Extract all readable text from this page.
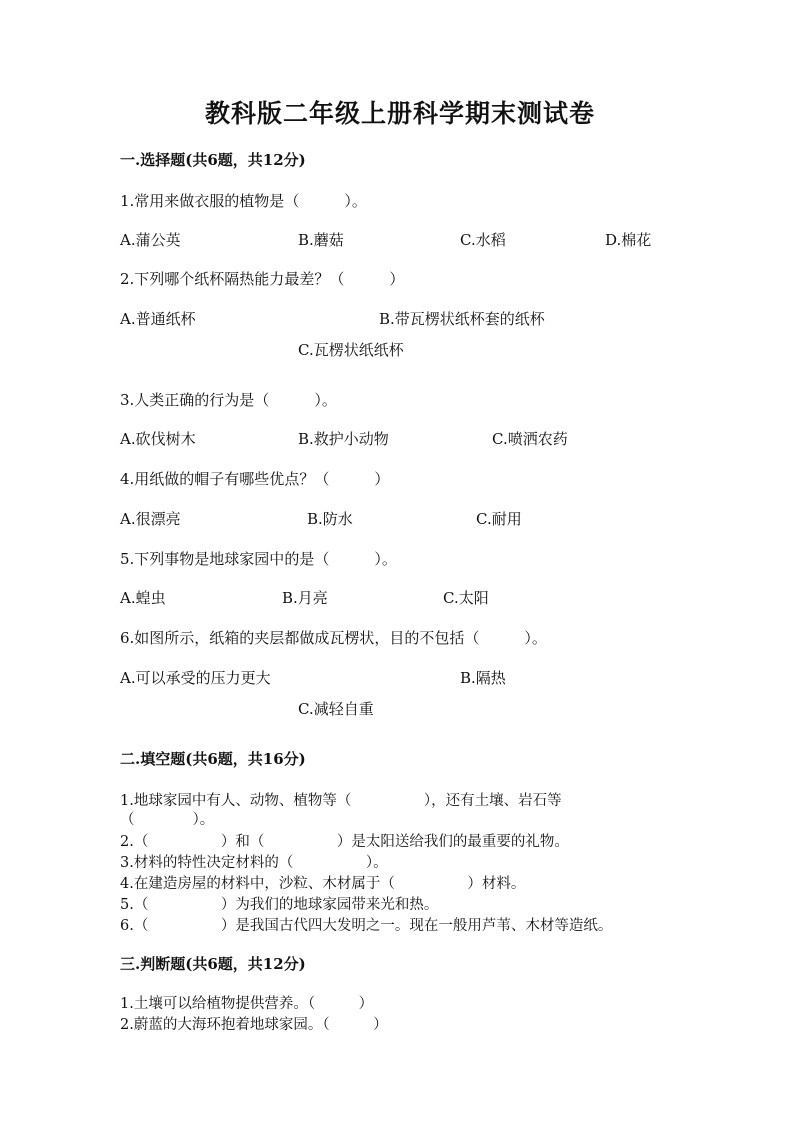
教科版二年级上册科学期末测试卷
一.选择题(共6题，共12分)
1.常用来做衣服的植物是（　　　）。
A.蒲公英	B.蘑菇	C.水稻	D.棉花
2.下列哪个纸杯隔热能力最差？（　　　）
A.普通纸杯	B.带瓦楞状纸杯套的纸杯
C.瓦楞状纸纸杯
3.人类正确的行为是（　　　）。
A.砍伐树木	B.救护小动物	C.喷洒农药
4.用纸做的帽子有哪些优点？（　　　）
A.很漂亮	B.防水	C.耐用
5.下列事物是地球家园中的是（　　　）。
A.蝗虫	B.月亮	C.太阳
6.如图所示，纸箱的夹层都做成瓦楞状，目的不包括（　　　）。
A.可以承受的压力更大	B.隔热
C.减轻自重
二.填空题(共6题，共16分)
1.地球家园中有人、动物、植物等（　　　　　），还有土壤、岩石等
（　　　　）。
2.（　　　　　）和（　　　　　）是太阳送给我们的最重要的礼物。
3.材料的特性决定材料的（　　　　　）。
4.在建造房屋的材料中，沙粒、木材属于（　　　　　）材料。
5.（　　　　　）为我们的地球家园带来光和热。
6.（　　　　　）是我国古代四大发明之一。现在一般用芦苇、木材等造纸。
三.判断题(共6题，共12分)
1.土壤可以给植物提供营养。（　　　）
2.蔚蓝的大海环抱着地球家园。（　　　）
